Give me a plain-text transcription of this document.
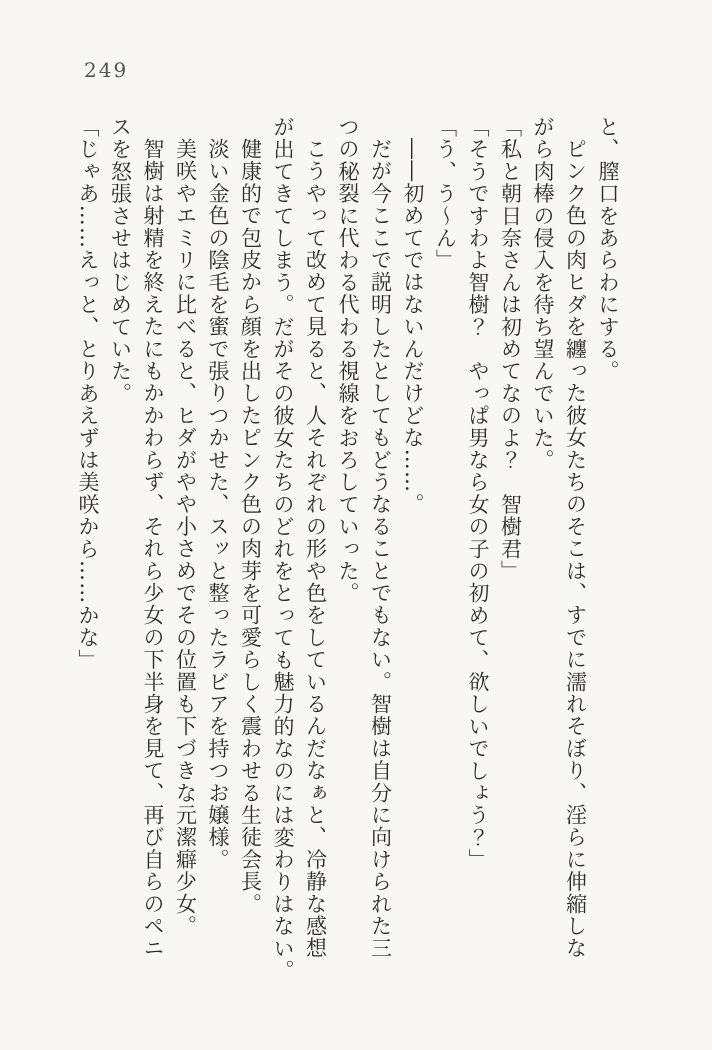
249

と、膣口をあらわにする。

ピンク色の肉ヒダを纏った彼女たちのそこは、すでに濡れそぼり、淫らに伸縮しな

がら肉棒の侵入を待ち望んでいた。

「私と朝日奈さんは初めてなのよ？　智樹君」

「そうですわよ智樹？　やっぱ男なら女の子の初めて、欲しいでしょう？」

「う、う〜ん」

――初めてではないんだけどな……。

だが今ここで説明したとしてもどうなることでもない。智樹は自分に向けられた三

つの秘裂に代わる代わる視線をおろしていった。

こうやって改めて見ると、人それぞれの形や色をしているんだなぁと、冷静な感想

が出てきてしまう。だがその彼女たちのどれをとっても魅力的なのには変わりはない。

健康的で包皮から顔を出したピンク色の肉芽を可愛らしく震わせる生徒会長。

淡い金色の陰毛を蜜で張りつかせた、スッと整ったラビアを持つお嬢様。

美咲やエミリに比べると、ヒダがやや小さめでその位置も下づきな元潔癖少女。

智樹は射精を終えたにもかかわらず、それら少女の下半身を見て、再び自らのペニ

スを怒張させはじめていた。

「じゃあ……えっと、とりあえずは美咲から……かな」
